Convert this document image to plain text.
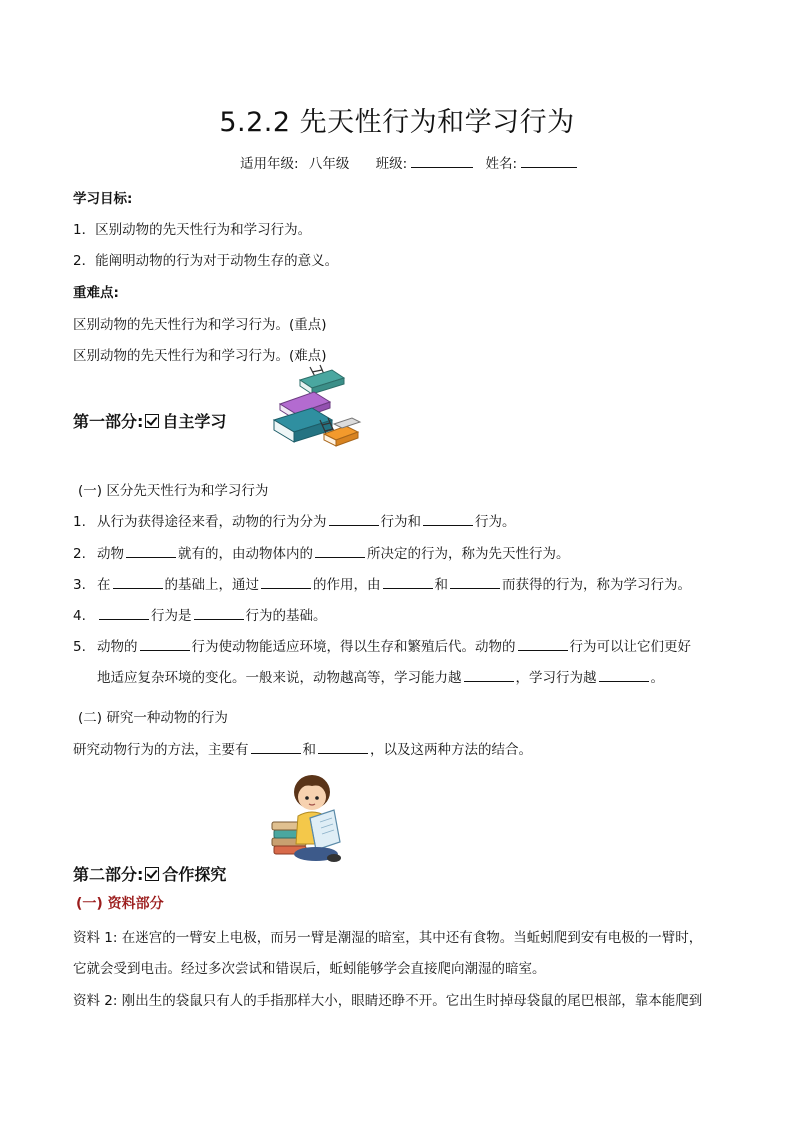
5.2.2 先天性行为和学习行为
适用年级: 八年级 班级:	姓名:
学习目标:
1．区别动物的先天性行为和学习行为。
2．能阐明动物的行为对于动物生存的意义。
重难点:
区别动物的先天性行为和学习行为。(重点)
区别动物的先天性行为和学习行为。(难点)
第一部分: 自主学习
(一) 区分先天性行为和学习行为
1. 从行为获得途径来看，动物的行为分为	行为和	行为。
2. 动物	就有的，由动物体内的	所决定的行为，称为先天性行为。
3. 在	的基础上，通过	的作用，由	和	而获得的行为，称为学习行为。
4.	行为是	行为的基础。
5. 动物的	行为使动物能适应环境，得以生存和繁殖后代。动物的	行为可以让它们更好
地适应复杂环境的变化。一般来说，动物越高等，学习能力越	，学习行为越	。
(二) 研究一种动物的行为
研究动物行为的方法，主要有	和	，以及这两种方法的结合。
第二部分: 合作探究
(一) 资料部分
资料 1: 在迷宫的一臂安上电极，而另一臂是潮湿的暗室，其中还有食物。当蚯蚓爬到安有电极的一臂时，
它就会受到电击。经过多次尝试和错误后，蚯蚓能够学会直接爬向潮湿的暗室。
资料 2: 刚出生的袋鼠只有人的手指那样大小，眼睛还睁不开。它出生时掉母袋鼠的尾巴根部，靠本能爬到
